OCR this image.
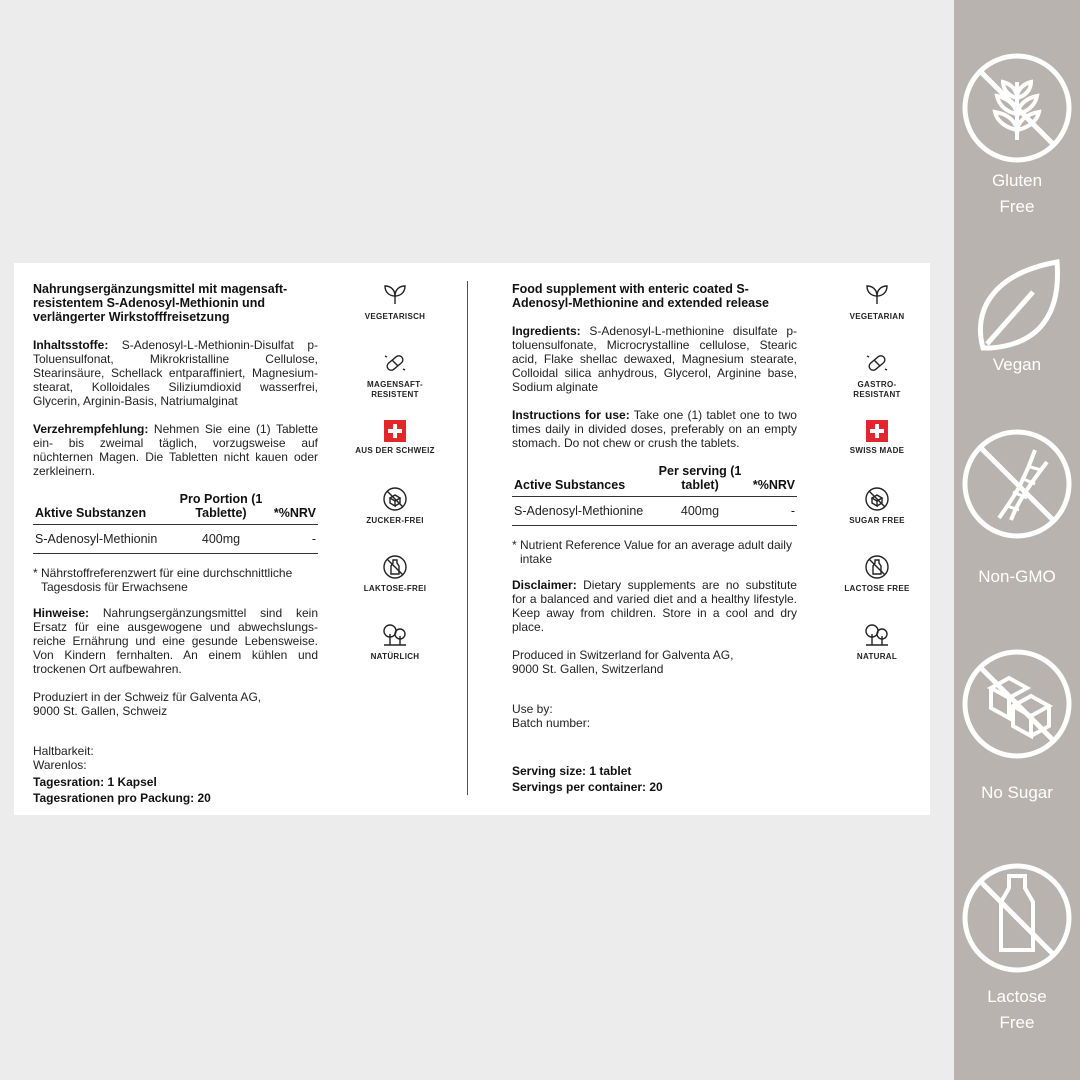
Nahrungsergänzungsmittel mit magensaft-resistentem S-Adenosyl-Methionin und verlängerter Wirkstofffreisetzung
Inhaltsstoffe: S-Adenosyl-L-Methionin-Disulfat p-Toluensulfonat, Mikrokristalline Cellulose, Stearinsäure, Schellack entparaffiniert, Magnesium-stearat, Kolloidales Siliziumdioxid wasserfrei, Glycerin, Arginin-Basis, Natriumalginat
Verzehrempfehlung: Nehmen Sie eine (1) Tablette ein- bis zweimal täglich, vorzugsweise auf nüchternen Magen. Die Tabletten nicht kauen oder zerkleinern.
Aktive Substanzen	Pro Portion (1 Tablette)	*%NRV
S-Adenosyl-Methionin	400mg	-
* Nährstoffreferenzwert für eine durchschnittliche Tagesdosis für Erwachsene
Hinweise: Nahrungsergänzungsmittel sind kein Ersatz für eine ausgewogene und abwechslungs-reiche Ernährung und eine gesunde Lebensweise. Von Kindern fernhalten. An einem kühlen und trockenen Ort aufbewahren.
Produziert in der Schweiz für Galventa AG,
9000 St. Gallen, Schweiz
Haltbarkeit:
Warenlos:
Tagesration: 1 Kapsel
Tagesrationen pro Packung: 20
Food supplement with enteric coated S-Adenosyl-Methionine and extended release
Ingredients: S-Adenosyl-L-methionine disulfate p-toluensulfonate, Microcrystalline cellulose, Stearic acid, Flake shellac dewaxed, Magnesium stearate, Colloidal silica anhydrous, Glycerol, Arginine base, Sodium alginate
Instructions for use: Take one (1) tablet one to two times daily in divided doses, preferably on an empty stomach. Do not chew or crush the tablets.
Active Substances	Per serving (1 tablet)	*%NRV
S-Adenosyl-Methionine	400mg	-
* Nutrient Reference Value for an average adult daily intake
Disclaimer: Dietary supplements are no substitute for a balanced and varied diet and a healthy lifestyle. Keep away from children. Store in a cool and dry place.
Produced in Switzerland for Galventa AG,
9000 St. Gallen, Switzerland
Use by:
Batch number:
Serving size: 1 tablet
Servings per container: 20
VEGETARISCH
MAGENSAFT-RESISTENT
AUS DER SCHWEIZ
ZUCKER-FREI
LAKTOSE-FREI
NATÜRLICH
VEGETARIAN
GASTRO-RESISTANT
SWISS MADE
SUGAR FREE
LACTOSE FREE
NATURAL
Gluten
Free
Vegan
Non-GMO
No Sugar
Lactose
Free
